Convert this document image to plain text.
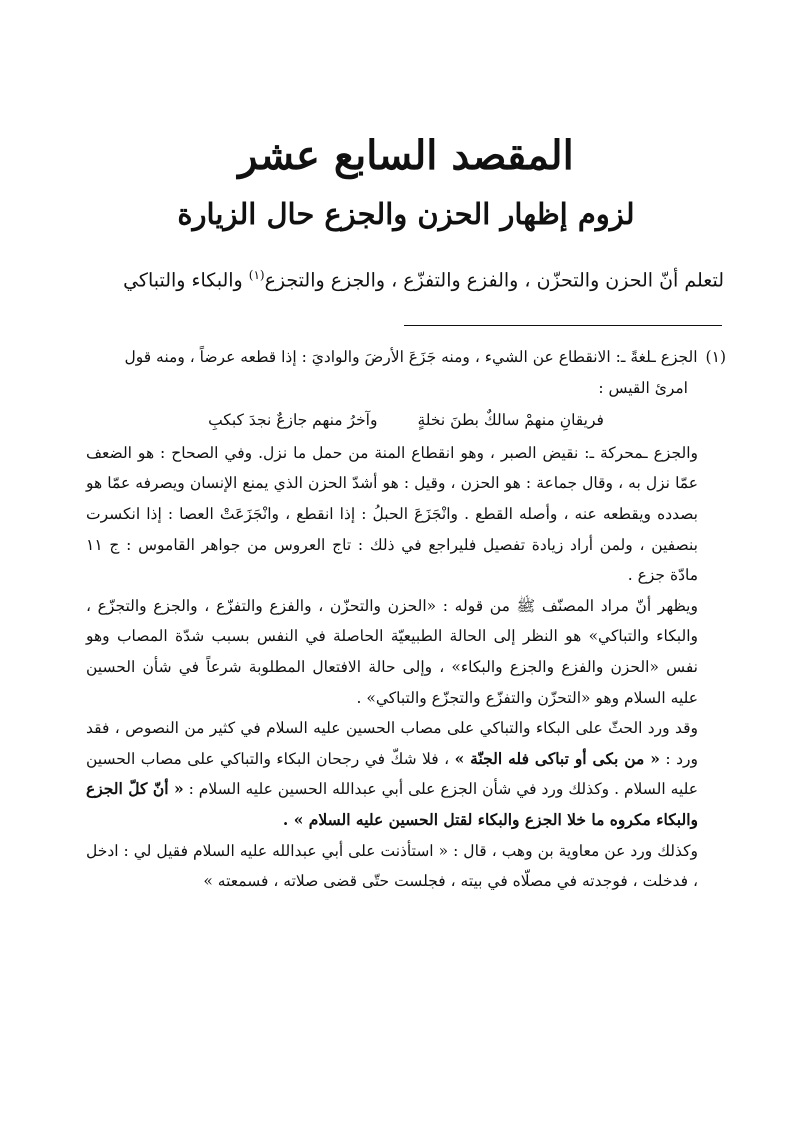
المقصد السابع عشر
لزوم إظهار الحزن والجزع حال الزيارة

لتعلم أنّ الحزن والتحزّن ، والفزع والتفزّع ، والجزع والتجزع$^{(١)}$ والبكاء والتباكي

(١)الجزع ـلغةً ـ: الانقطاع عن الشيء ، ومنه جَزَعَ الأرضَ والواديَ : إذا قطعه عرضاً ، ومنه قول

امرئ القيس :

فريقانِ منهمْ سالكٌ بطنَ نخلةٍ
وآخرُ منهم جازعٌ نجدَ كبكبِ

والجزع ـمحركة ـ: نقيض الصبر ، وهو انقطاع المنة من حمل ما نزل. وفي الصحاح : هو الضعف عمّا نزل به ، وقال جماعة : هو الحزن ، وقيل : هو أشدّ الحزن الذي يمنع الإنسان ويصرفه عمّا هو بصدده ويقطعه عنه ، وأصله القطع . وانْجَزَعَ الحبلُ : إذا انقطع ، وانْجَزَعَتْ العصا : إذا انكسرت بنصفين ، ولمن أراد زيادة تفصيل فليراجع في ذلك : تاج العروس من جواهر القاموس : ج ١١ مادّة جزع .

ويظهر أنّ مراد المصنّف ﷺ من قوله : «الحزن والتحزّن ، والفزع والتفزّع ، والجزع والتجزّع ، والبكاء والتباكي» هو النظر إلى الحالة الطبيعيّة الحاصلة في النفس بسبب شدّة المصاب وهو نفس «الحزن والفزع والجزع والبكاء» ، وإلى حالة الافتعال المطلوبة شرعاً في شأن الحسين عليه السلام وهو «التحزّن والتفزّع والتجزّع والتباكي» .

وقد ورد الحثّ على البكاء والتباكي على مصاب الحسين عليه السلام في كثير من النصوص ، فقد ورد : « من بكى أو تباكى فله الجنّة » ، فلا شكّ في رجحان البكاء والتباكي على مصاب الحسين عليه السلام . وكذلك ورد في شأن الجزع على أبي عبدالله الحسين عليه السلام : « أنّ كلّ الجزع والبكاء مكروه ما خلا الجزع والبكاء لقتل الحسين عليه السلام » .

وكذلك ورد عن معاوية بن وهب ، قال : « استأذنت على أبي عبدالله عليه السلام فقيل لي : ادخل ، فدخلت ، فوجدته في مصلّاه في بيته ، فجلست حتّى قضى صلاته ، فسمعته »
